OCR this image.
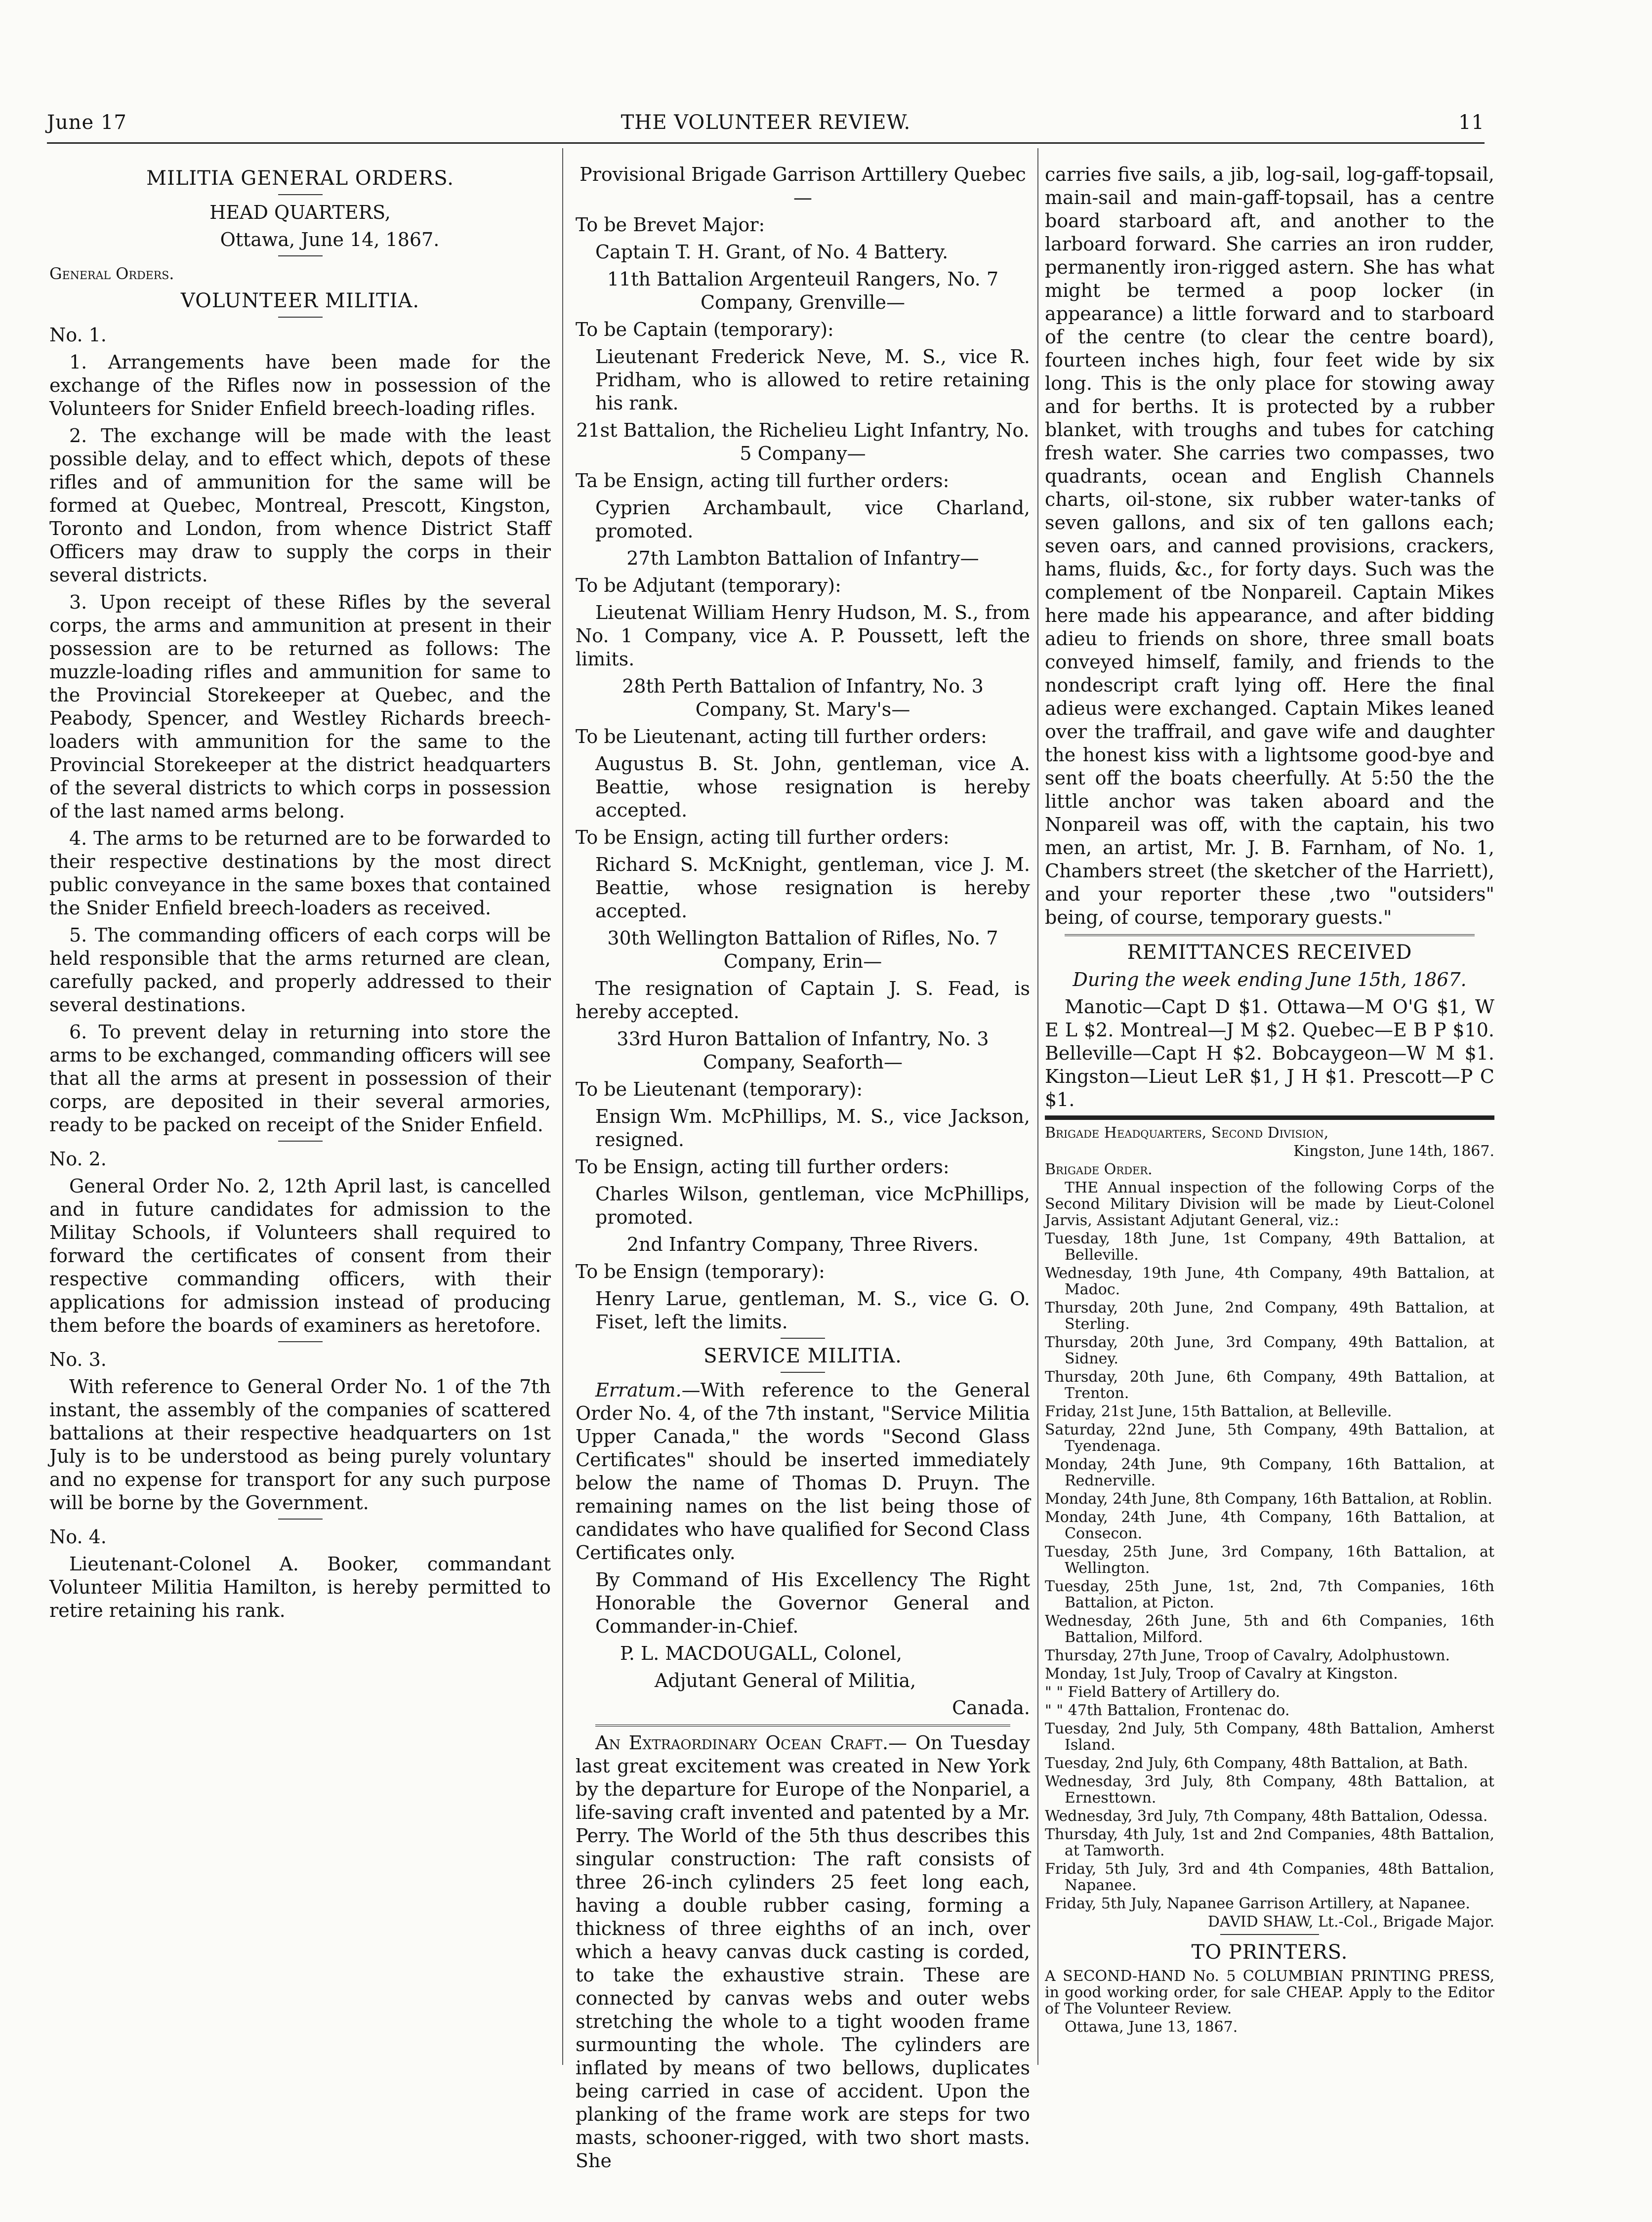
June 17	THE VOLUNTEER REVIEW.	11
MILITIA GENERAL ORDERS.

HEAD QUARTERS,

Ottawa, June 14, 1867.

General Orders.

VOLUNTEER MILITIA.

No. 1.

1. Arrangements have been made for the exchange of the Rifles now in possession of the Volunteers for Snider Enfield breech-loading rifles.

2. The exchange will be made with the least possible delay, and to effect which, depots of these rifles and of ammunition for the same will be formed at Quebec, Montreal, Prescott, Kingston, Toronto and London, from whence District Staff Officers may draw to supply the corps in their several districts.

3. Upon receipt of these Rifles by the several corps, the arms and ammunition at present in their possession are to be returned as follows: The muzzle-loading rifles and ammunition for same to the Provincial Storekeeper at Quebec, and the Peabody, Spencer, and Westley Richards breech-loaders with ammunition for the same to the Provincial Storekeeper at the district headquarters of the several districts to which corps in possession of the last named arms belong.

4. The arms to be returned are to be forwarded to their respective destinations by the most direct public conveyance in the same boxes that contained the Snider Enfield breech-loaders as received.

5. The commanding officers of each corps will be held responsible that the arms returned are clean, carefully packed, and properly addressed to their several destinations.

6. To prevent delay in returning into store the arms to be exchanged, commanding officers will see that all the arms at present in possession of their corps, are deposited in their several armories, ready to be packed on receipt of the Snider Enfield.

No. 2.

General Order No. 2, 12th April last, is cancelled and in future candidates for admission to the Militay Schools, if Volunteers shall required to forward the certificates of consent from their respective commanding officers, with their applications for admission instead of producing them before the boards of examiners as heretofore.

No. 3.

With reference to General Order No. 1 of the 7th instant, the assembly of the companies of scattered battalions at their respective headquarters on 1st July is to be understood as being purely voluntary and no expense for transport for any such purpose will be borne by the Government.

No. 4.

Lieutenant-Colonel A. Booker, commandant Volunteer Militia Hamilton, is hereby permitted to retire retaining his rank.

Provisional Brigade Garrison Arttillery Quebec—

To be Brevet Major:

Captain T. H. Grant, of No. 4 Battery.

11th Battalion Argenteuil Rangers, No. 7 Company, Grenville—

To be Captain (temporary):

Lieutenant Frederick Neve, M. S., vice R. Pridham, who is allowed to retire retaining his rank.

21st Battalion, the Richelieu Light Infantry, No. 5 Company—

Ta be Ensign, acting till further orders:

Cyprien Archambault, vice Charland, promoted.

27th Lambton Battalion of Infantry—

To be Adjutant (temporary):

Lieutenat William Henry Hudson, M. S., from No. 1 Company, vice A. P. Poussett, left the limits.

28th Perth Battalion of Infantry, No. 3 Company, St. Mary's—

To be Lieutenant, acting till further orders:

Augustus B. St. John, gentleman, vice A. Beattie, whose resignation is hereby accepted.

To be Ensign, acting till further orders:

Richard S. McKnight, gentleman, vice J. M. Beattie, whose resignation is hereby accepted.

30th Wellington Battalion of Rifles, No. 7 Company, Erin—

The resignation of Captain J. S. Fead, is hereby accepted.

33rd Huron Battalion of Infantry, No. 3 Company, Seaforth—

To be Lieutenant (temporary):

Ensign Wm. McPhillips, M. S., vice Jackson, resigned.

To be Ensign, acting till further orders:

Charles Wilson, gentleman, vice McPhillips, promoted.

2nd Infantry Company, Three Rivers.

To be Ensign (temporary):

Henry Larue, gentleman, M. S., vice G. O. Fiset, left the limits.

SERVICE MILITIA.

Erratum.—With reference to the General Order No. 4, of the 7th instant, "Service Militia Upper Canada," the words "Second Glass Certificates" should be inserted immediately below the name of Thomas D. Pruyn. The remaining names on the list being those of candidates who have qualified for Second Class Certificates only.

By Command of His Excellency The Right Honorable the Governor General and Commander-in-Chief.

P. L. MACDOUGALL, Colonel,

Adjutant General of Militia,

Canada.

An Extraordinary Ocean Craft.— On Tuesday last great excitement was created in New York by the departure for Europe of the Nonpariel, a life-saving craft invented and patented by a Mr. Perry. The World of the 5th thus describes this singular construction: The raft consists of three 26-inch cylinders 25 feet long each, having a double rubber casing, forming a thickness of three eighths of an inch, over which a heavy canvas duck casting is corded, to take the exhaustive strain. These are connected by canvas webs and outer webs stretching the whole to a tight wooden frame surmounting the whole. The cylinders are inflated by means of two bellows, duplicates being carried in case of accident. Upon the planking of the frame work are steps for two masts, schooner-rigged, with two short masts. She

carries five sails, a jib, log-sail, log-gaff-topsail, main-sail and main-gaff-topsail, has a centre board starboard aft, and another to the larboard forward. She carries an iron rudder, permanently iron-rigged astern. She has what might be termed a poop locker (in appearance) a little forward and to starboard of the centre (to clear the centre board), fourteen inches high, four feet wide by six long. This is the only place for stowing away and for berths. It is protected by a rubber blanket, with troughs and tubes for catching fresh water. She carries two compasses, two quadrants, ocean and English Channels charts, oil-stone, six rubber water-tanks of seven gallons, and six of ten gallons each; seven oars, and canned provisions, crackers, hams, fluids, &c., for forty days. Such was the complement of tbe Nonpareil. Captain Mikes here made his appearance, and after bidding adieu to friends on shore, three small boats conveyed himself, family, and friends to the nondescript craft lying off. Here the final adieus were exchanged. Captain Mikes leaned over the traffrail, and gave wife and daughter the honest kiss with a lightsome good-bye and sent off the boats cheerfully. At 5:50 the the little anchor was taken aboard and the Nonpareil was off, with the captain, his two men, an artist, Mr. J. B. Farnham, of No. 1, Chambers street (the sketcher of the Harriett), and your reporter these ,two "outsiders" being, of course, temporary guests."

REMITTANCES RECEIVED

During the week ending June 15th, 1867.

Manotic—Capt D $1. Ottawa—M O'G $1, W E L $2. Montreal—J M $2. Quebec—E B P $10. Belleville—Capt H $2. Bobcaygeon—W M $1. Kingston—Lieut LeR $1, J H $1. Prescott—P C $1.

Brigade Headquarters, Second Division,

Kingston, June 14th, 1867.

Brigade Order.

THE Annual inspection of the following Corps of the Second Military Division will be made by Lieut-Colonel Jarvis, Assistant Adjutant General, viz.:

Tuesday, 18th June, 1st Company, 49th Battalion, at Belleville.

Wednesday, 19th June, 4th Company, 49th Battalion, at Madoc.

Thursday, 20th June, 2nd Company, 49th Battalion, at Sterling.

Thursday, 20th June, 3rd Company, 49th Battalion, at Sidney.

Thursday, 20th June, 6th Company, 49th Battalion, at Trenton.

Friday, 21st June, 15th Battalion, at Belleville.

Saturday, 22nd June, 5th Company, 49th Battalion, at Tyendenaga.

Monday, 24th June, 9th Company, 16th Battalion, at Rednerville.

Monday, 24th June, 8th Company, 16th Battalion, at Roblin.

Monday, 24th June, 4th Company, 16th Battalion, at Consecon.

Tuesday, 25th June, 3rd Company, 16th Battalion, at Wellington.

Tuesday, 25th June, 1st, 2nd, 7th Companies, 16th Battalion, at Picton.

Wednesday, 26th June, 5th and 6th Companies, 16th Battalion, Milford.

Thursday, 27th June, Troop of Cavalry, Adolphustown.

Monday, 1st July, Troop of Cavalry at Kingston.

" " Field Battery of Artillery do.

" " 47th Battalion, Frontenac do.

Tuesday, 2nd July, 5th Company, 48th Battalion, Amherst Island.

Tuesday, 2nd July, 6th Company, 48th Battalion, at Bath.

Wednesday, 3rd July, 8th Company, 48th Battalion, at Ernesttown.

Wednesday, 3rd July, 7th Company, 48th Battalion, Odessa.

Thursday, 4th July, 1st and 2nd Companies, 48th Battalion, at Tamworth.

Friday, 5th July, 3rd and 4th Companies, 48th Battalion, Napanee.

Friday, 5th July, Napanee Garrison Artillery, at Napanee.

DAVID SHAW, Lt.-Col., Brigade Major.

TO PRINTERS.

A SECOND-HAND No. 5 COLUMBIAN PRINTING PRESS, in good working order, for sale CHEAP. Apply to the Editor of The Volunteer Review.

Ottawa, June 13, 1867.
